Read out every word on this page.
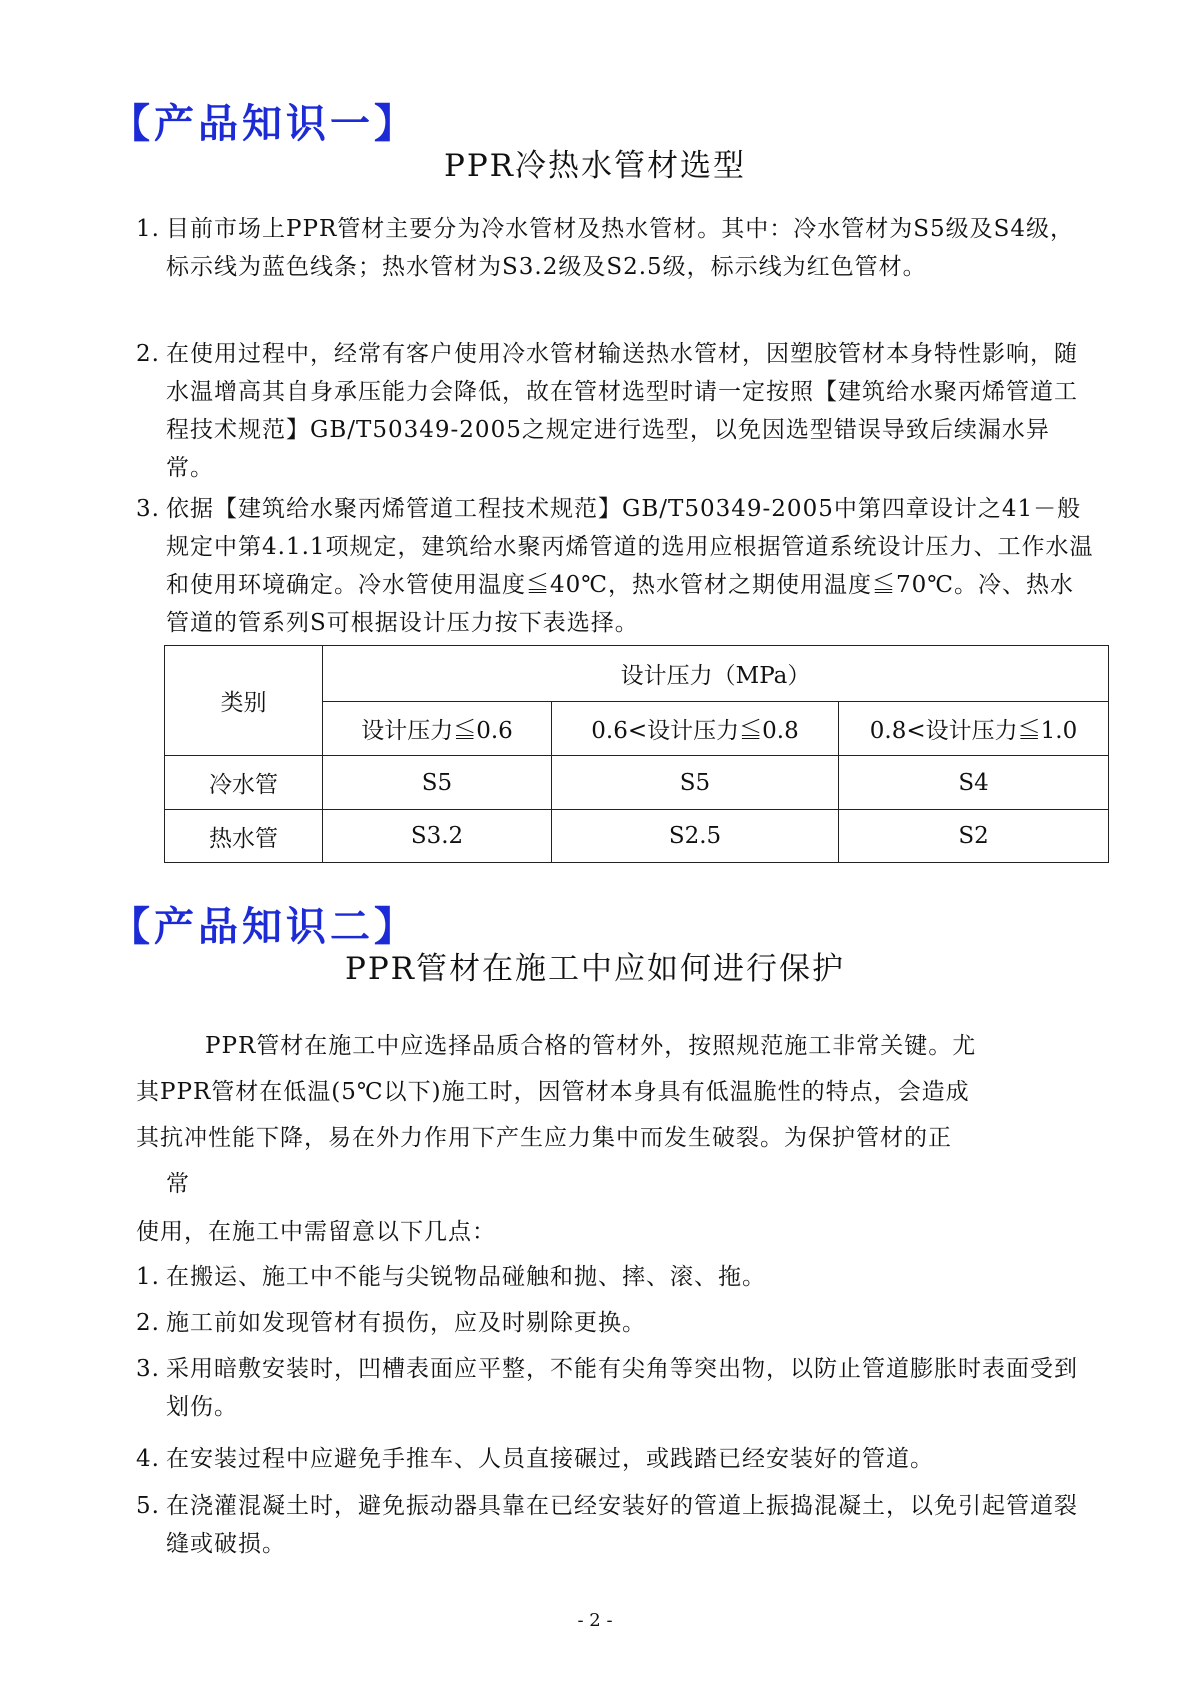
【产品知识一】
PPR冷热水管材选型
1. 目前市场上PPR管材主要分为冷水管材及热水管材。其中：冷水管材为S5级及S4级，标示线为蓝色线条；热水管材为S3.2级及S2.5级，标示线为红色管材。
2. 在使用过程中，经常有客户使用冷水管材输送热水管材，因塑胶管材本身特性影响，随水温增高其自身承压能力会降低，故在管材选型时请一定按照【建筑给水聚丙烯管道工程技术规范】GB/T50349-2005之规定进行选型，以免因选型错误导致后续漏水异常。
3. 依据【建筑给水聚丙烯管道工程技术规范】GB/T50349-2005中第四章设计之41－般规定中第4.1.1项规定，建筑给水聚丙烯管道的选用应根据管道系统设计压力、工作水温和使用环境确定。冷水管使用温度≦40℃，热水管材之期使用温度≦70℃。冷、热水管道的管系列S可根据设计压力按下表选择。
类别	设计压力（MPa）		
	设计压力≦0.6	0.6<设计压力≦0.8	0.8<设计压力≦1.0
冷水管	S5	S5	S4
热水管	S3.2	S2.5	S2
【产品知识二】
PPR管材在施工中应如何进行保护
PPR管材在施工中应选择品质合格的管材外，按照规范施工非常关键。尤
其PPR管材在低温(5℃以下)施工时，因管材本身具有低温脆性的特点，会造成
其抗冲性能下降，易在外力作用下产生应力集中而发生破裂。为保护管材的正
常
使用，在施工中需留意以下几点：
1. 在搬运、施工中不能与尖锐物品碰触和抛、摔、滚、拖。
2. 施工前如发现管材有损伤，应及时剔除更换。
3. 采用暗敷安装时，凹槽表面应平整，不能有尖角等突出物，以防止管道膨胀时表面受到划伤。
4. 在安装过程中应避免手推车、人员直接碾过，或践踏已经安装好的管道。
5. 在浇灌混凝土时，避免振动器具靠在已经安装好的管道上振捣混凝土，以免引起管道裂缝或破损。
- 2 -
